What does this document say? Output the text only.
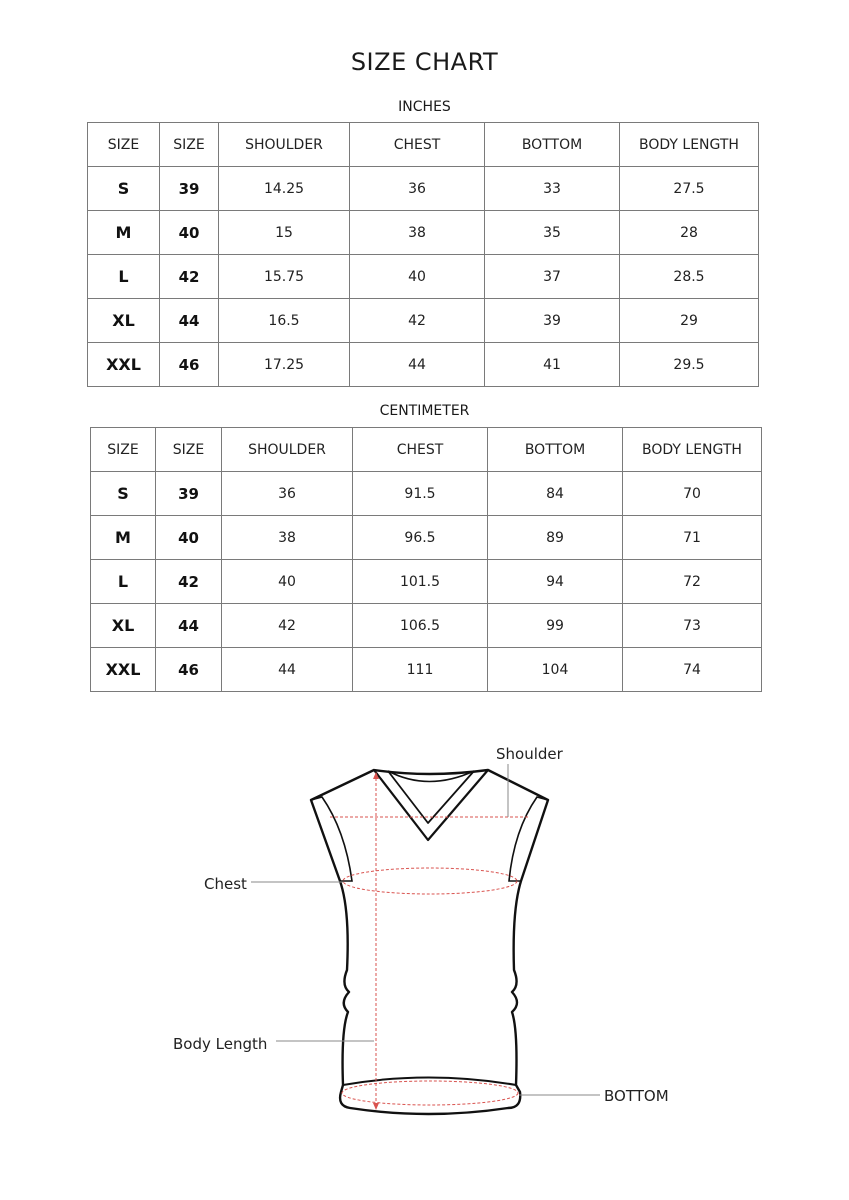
SIZE CHART
INCHES
SIZE	SIZE	SHOULDER	CHEST	BOTTOM	BODY LENGTH
S	39	14.25	36	33	27.5
M	40	15	38	35	28
L	42	15.75	40	37	28.5
XL	44	16.5	42	39	29
XXL	46	17.25	44	41	29.5
CENTIMETER
SIZE	SIZE	SHOULDER	CHEST	BOTTOM	BODY LENGTH
S	39	36	91.5	84	70
M	40	38	96.5	89	71
L	42	40	101.5	94	72
XL	44	42	106.5	99	73
XXL	46	44	111	104	74
Shoulder
Chest
Body Length
BOTTOM
